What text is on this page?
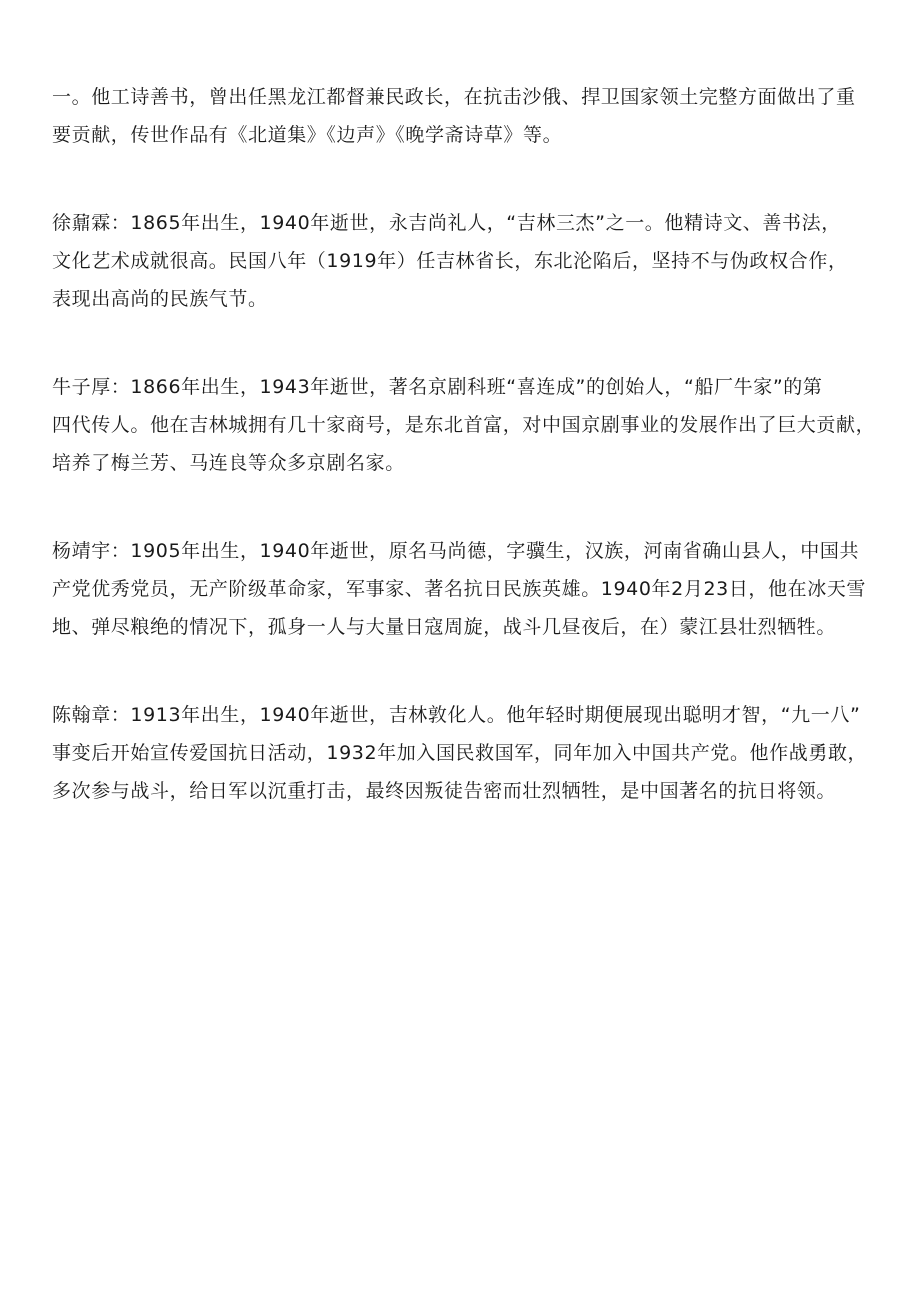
一。他工诗善书，曾出任黑龙江都督兼民政长，在抗击沙俄、捍卫国家领土完整方面做出了重
要贡献，传世作品有《北道集》《边声》《晚学斋诗草》等。
徐鼐霖：1865年出生，1940年逝世，永吉尚礼人，“吉林三杰”之一。他精诗文、善书法，
文化艺术成就很高。民国八年（1919年）任吉林省长，东北沦陷后，坚持不与伪政权合作，
表现出高尚的民族气节。
牛子厚：1866年出生，1943年逝世，著名京剧科班“喜连成”的创始人，“船厂牛家”的第
四代传人。他在吉林城拥有几十家商号，是东北首富，对中国京剧事业的发展作出了巨大贡献，
培养了梅兰芳、马连良等众多京剧名家。
杨靖宇：1905年出生，1940年逝世，原名马尚德，字骥生，汉族，河南省确山县人，中国共
产党优秀党员，无产阶级革命家，军事家、著名抗日民族英雄。1940年2月23日，他在冰天雪
地、弹尽粮绝的情况下，孤身一人与大量日寇周旋，战斗几昼夜后，在）蒙江县壮烈牺牲。
陈翰章：1913年出生，1940年逝世，吉林敦化人。他年轻时期便展现出聪明才智，“九一八”
事变后开始宣传爱国抗日活动，1932年加入国民救国军，同年加入中国共产党。他作战勇敢，
多次参与战斗，给日军以沉重打击，最终因叛徒告密而壮烈牺牲，是中国著名的抗日将领。
